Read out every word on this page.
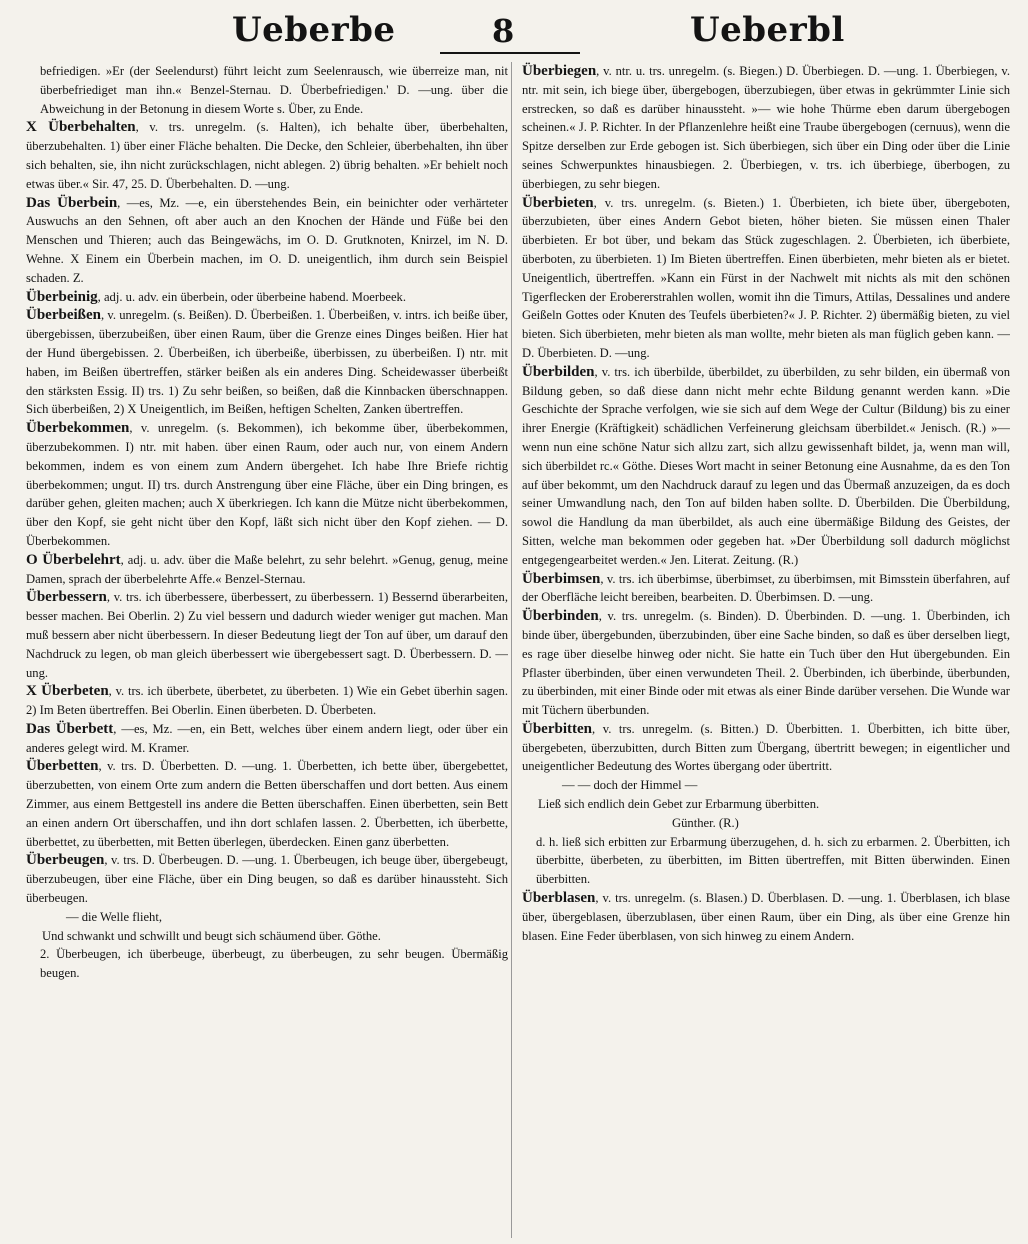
Ueberbe	8	Ueberbl

befriedigen. »Er (der Seelendurst) führt leicht zum Seelenrausch, wie überreize man, nit überbefriediget man ihn.« Benzel-Sternau. D. Überbefriedigen.' D. —ung. über die Abweichung in der Betonung in diesem Worte s. Über, zu Ende.

X Überbehalten, v. trs. unregelm. (s. Halten), ich behalte über, überbehalten, überzubehalten. 1) über einer Fläche behalten. Die Decke, den Schleier, überbehalten, ihn über sich behalten, sie, ihn nicht zurückschlagen, nicht ablegen. 2) übrig behalten. »Er behielt noch etwas über.« Sir. 47, 25. D. Überbehalten. D. —ung.

Das Überbein, —es, Mz. —e, ein überstehendes Bein, ein beinichter oder verhärteter Auswuchs an den Sehnen, oft aber auch an den Knochen der Hände und Füße bei den Menschen und Thieren; auch das Beingewächs, im O. D. Grutknoten, Knirzel, im N. D. Wehne. X Einem ein Überbein machen, im O. D. uneigentlich, ihm durch sein Beispiel schaden. Z.

Überbeinig, adj. u. adv. ein überbein, oder überbeine habend. Moerbeek.

Überbeißen, v. unregelm. (s. Beißen). D. Überbeißen. 1. Überbeißen, v. intrs. ich beiße über, übergebissen, überzubeißen, über einen Raum, über die Grenze eines Dinges beißen. Hier hat der Hund übergebissen. 2. Überbeißen, ich überbeiße, überbissen, zu überbeißen. I) ntr. mit haben, im Beißen übertreffen, stärker beißen als ein anderes Ding. Scheidewasser überbeißt den stärksten Essig. II) trs. 1) Zu sehr beißen, so beißen, daß die Kinnbacken überschnappen. Sich überbeißen, 2) X Uneigentlich, im Beißen, heftigen Schelten, Zanken übertreffen.

Überbekommen, v. unregelm. (s. Bekommen), ich bekomme über, überbekommen, überzubekommen. I) ntr. mit haben. über einen Raum, oder auch nur, von einem Andern bekommen, indem es von einem zum Andern übergehet. Ich habe Ihre Briefe richtig überbekommen; ungut. II) trs. durch Anstrengung über eine Fläche, über ein Ding bringen, es darüber gehen, gleiten machen; auch X überkriegen. Ich kann die Mütze nicht überbekommen, über den Kopf, sie geht nicht über den Kopf, läßt sich nicht über den Kopf ziehen. — D. Überbekommen.

O Überbelehrt, adj. u. adv. über die Maße belehrt, zu sehr belehrt. »Genug, genug, meine Damen, sprach der überbelehrte Affe.« Benzel-Sternau.

Überbessern, v. trs. ich überbessere, überbessert, zu überbessern. 1) Bessernd überarbeiten, besser machen. Bei Oberlin. 2) Zu viel bessern und dadurch wieder weniger gut machen. Man muß bessern aber nicht überbessern. In dieser Bedeutung liegt der Ton auf über, um darauf den Nachdruck zu legen, ob man gleich überbessert wie übergebessert sagt. D. Überbessern. D. —ung.

X Überbeten, v. trs. ich überbete, überbetet, zu überbeten. 1) Wie ein Gebet überhin sagen. 2) Im Beten übertreffen. Bei Oberlin. Einen überbeten. D. Überbeten.

Das Überbett, —es, Mz. —en, ein Bett, welches über einem andern liegt, oder über ein anderes gelegt wird. M. Kramer.

Überbetten, v. trs. D. Überbetten. D. —ung. 1. Überbetten, ich bette über, übergebettet, überzubetten, von einem Orte zum andern die Betten überschaffen und dort betten. Aus einem Zimmer, aus einem Bettgestell ins andere die Betten überschaffen. Einen überbetten, sein Bett an einen andern Ort überschaffen, und ihn dort schlafen lassen. 2. Überbetten, ich überbette, überbettet, zu überbetten, mit Betten überlegen, überdecken. Einen ganz überbetten.

Überbeugen, v. trs. D. Überbeugen. D. —ung. 1. Überbeugen, ich beuge über, übergebeugt, überzubeugen, über eine Fläche, über ein Ding beugen, so daß es darüber hinaussteht. Sich überbeugen.

— die Welle flieht,
Und schwankt und schwillt und beugt sich schäumend über. Göthe.

2. Überbeugen, ich überbeuge, überbeugt, zu überbeugen, zu sehr beugen. Übermäßig beugen.

Überbiegen, v. ntr. u. trs. unregelm. (s. Biegen.) D. Überbiegen. D. —ung. 1. Überbiegen, v. ntr. mit sein, ich biege über, übergebogen, überzubiegen, über etwas in gekrümmter Linie sich erstrecken, so daß es darüber hinaussteht. »— wie hohe Thürme eben darum übergebogen scheinen.« J. P. Richter. In der Pflanzenlehre heißt eine Traube übergebogen (cernuus), wenn die Spitze derselben zur Erde gebogen ist. Sich überbiegen, sich über ein Ding oder über die Linie seines Schwerpunktes hinausbiegen. 2. Überbiegen, v. trs. ich überbiege, überbogen, zu überbiegen, zu sehr biegen.

Überbieten, v. trs. unregelm. (s. Bieten.) 1. Überbieten, ich biete über, übergeboten, überzubieten, über eines Andern Gebot bieten, höher bieten. Sie müssen einen Thaler überbieten. Er bot über, und bekam das Stück zugeschlagen. 2. Überbieten, ich überbiete, überboten, zu überbieten. 1) Im Bieten übertreffen. Einen überbieten, mehr bieten als er bietet. Uneigentlich, übertreffen. »Kann ein Fürst in der Nachwelt mit nichts als mit den schönen Tigerflecken der Erobererstrahlen wollen, womit ihn die Timurs, Attilas, Dessalines und andere Geißeln Gottes oder Knuten des Teufels überbieten?« J. P. Richter. 2) übermäßig bieten, zu viel bieten. Sich überbieten, mehr bieten als man wollte, mehr bieten als man füglich geben kann. — D. Überbieten. D. —ung.

Überbilden, v. trs. ich überbilde, überbildet, zu überbilden, zu sehr bilden, ein übermaß von Bildung geben, so daß diese dann nicht mehr echte Bildung genannt werden kann. »Die Geschichte der Sprache verfolgen, wie sie sich auf dem Wege der Cultur (Bildung) bis zu einer ihrer Energie (Kräftigkeit) schädlichen Verfeinerung gleichsam überbildet.« Jenisch. (R.) »— wenn nun eine schöne Natur sich allzu zart, sich allzu gewissenhaft bildet, ja, wenn man will, sich überbildet rc.« Göthe. Dieses Wort macht in seiner Betonung eine Ausnahme, da es den Ton auf über bekommt, um den Nachdruck darauf zu legen und das Übermaß anzuzeigen, da es doch seiner Umwandlung nach, den Ton auf bilden haben sollte. D. Überbilden. Die Überbildung, sowol die Handlung da man überbildet, als auch eine übermäßige Bildung des Geistes, der Sitten, welche man bekommen oder gegeben hat. »Der Überbildung soll dadurch möglichst entgegengearbeitet werden.« Jen. Literat. Zeitung. (R.)

Überbimsen, v. trs. ich überbimse, überbimset, zu überbimsen, mit Bimsstein überfahren, auf der Oberfläche leicht bereiben, bearbeiten. D. Überbimsen. D. —ung.

Überbinden, v. trs. unregelm. (s. Binden). D. Überbinden. D. —ung. 1. Überbinden, ich binde über, übergebunden, überzubinden, über eine Sache binden, so daß es über derselben liegt, es rage über dieselbe hinweg oder nicht. Sie hatte ein Tuch über den Hut übergebunden. Ein Pflaster überbinden, über einen verwundeten Theil. 2. Überbinden, ich überbinde, überbunden, zu überbinden, mit einer Binde oder mit etwas als einer Binde darüber versehen. Die Wunde war mit Tüchern überbunden.

Überbitten, v. trs. unregelm. (s. Bitten.) D. Überbitten. 1. Überbitten, ich bitte über, übergebeten, überzubitten, durch Bitten zum Übergang, übertritt bewegen; in eigentlicher und uneigentlicher Bedeutung des Wortes übergang oder übertritt.

— — doch der Himmel —
Ließ sich endlich dein Gebet zur Erbarmung überbitten.
Günther. (R.)

d. h. ließ sich erbitten zur Erbarmung überzugehen, d. h. sich zu erbarmen. 2. Überbitten, ich überbitte, überbeten, zu überbitten, im Bitten übertreffen, mit Bitten überwinden. Einen überbitten.

Überblasen, v. trs. unregelm. (s. Blasen.) D. Überblasen. D. —ung. 1. Überblasen, ich blase über, übergeblasen, überzublasen, über einen Raum, über ein Ding, als über eine Grenze hin blasen. Eine Feder überblasen, von sich hinweg zu einem Andern.
